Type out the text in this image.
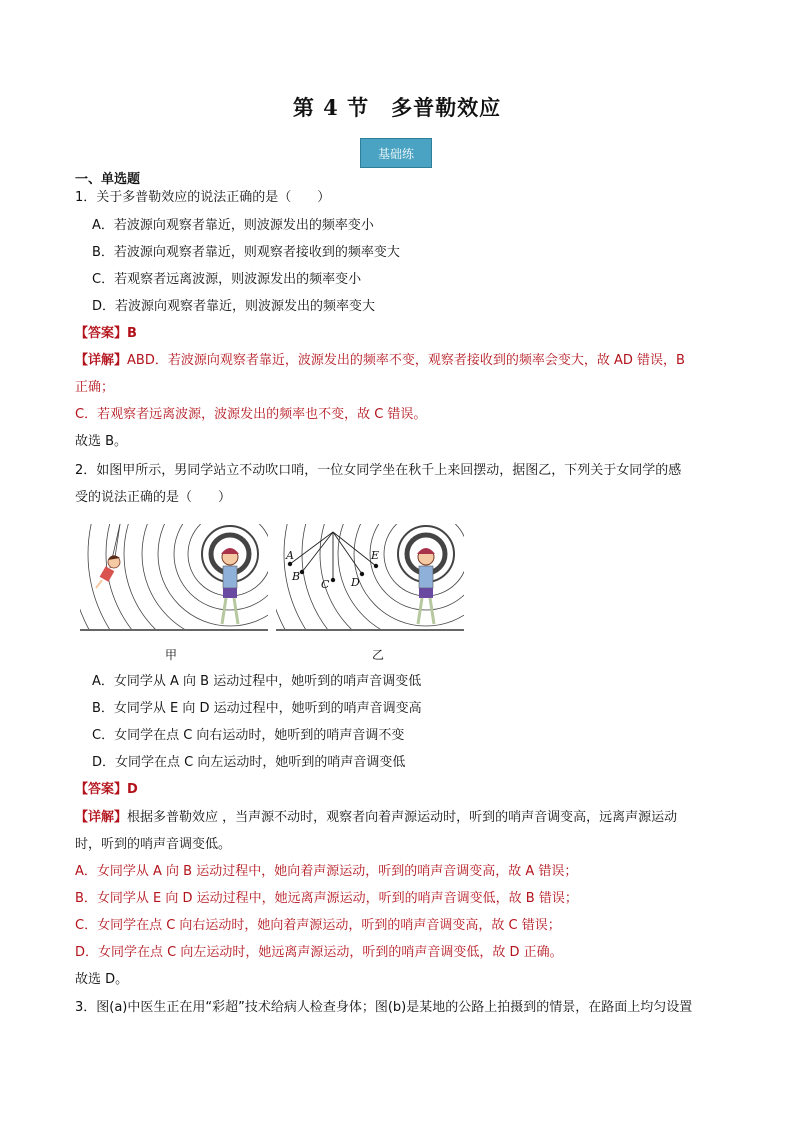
第 4 节　多普勒效应
基础练
一、单选题
1．关于多普勒效应的说法正确的是（　　）
A．若波源向观察者靠近，则波源发出的频率变小
B．若波源向观察者靠近，则观察者接收到的频率变大
C．若观察者远离波源，则波源发出的频率变小
D．若波源向观察者靠近，则波源发出的频率变大
【答案】B
【详解】ABD．若波源向观察者靠近，波源发出的频率不变，观察者接收到的频率会变大，故 AD 错误，B
正确；
C．若观察者远离波源，波源发出的频率也不变，故 C 错误。
故选 B。
2．如图甲所示，男同学站立不动吹口哨，一位女同学坐在秋千上来回摆动，据图乙，下列关于女同学的感
受的说法正确的是（　　）
A
B
C D
E
甲	乙
A．女同学从 A 向 B 运动过程中，她听到的哨声音调变低
B．女同学从 E 向 D 运动过程中，她听到的哨声音调变高
C．女同学在点 C 向右运动时，她听到的哨声音调不变
D．女同学在点 C 向左运动时，她听到的哨声音调变低
【答案】D
【详解】根据多普勒效应 ，当声源不动时，观察者向着声源运动时，听到的哨声音调变高，远离声源运动
时，听到的哨声音调变低。
A．女同学从 A 向 B 运动过程中，她向着声源运动，听到的哨声音调变高，故 A 错误；
B．女同学从 E 向 D 运动过程中，她远离声源运动，听到的哨声音调变低，故 B 错误；
C．女同学在点 C 向右运动时，她向着声源运动，听到的哨声音调变高，故 C 错误；
D．女同学在点 C 向左运动时，她远离声源运动，听到的哨声音调变低，故 D 正确。
故选 D。
3．图(a)中医生正在用“彩超”技术给病人检查身体；图(b)是某地的公路上拍摄到的情景，在路面上均匀设置
